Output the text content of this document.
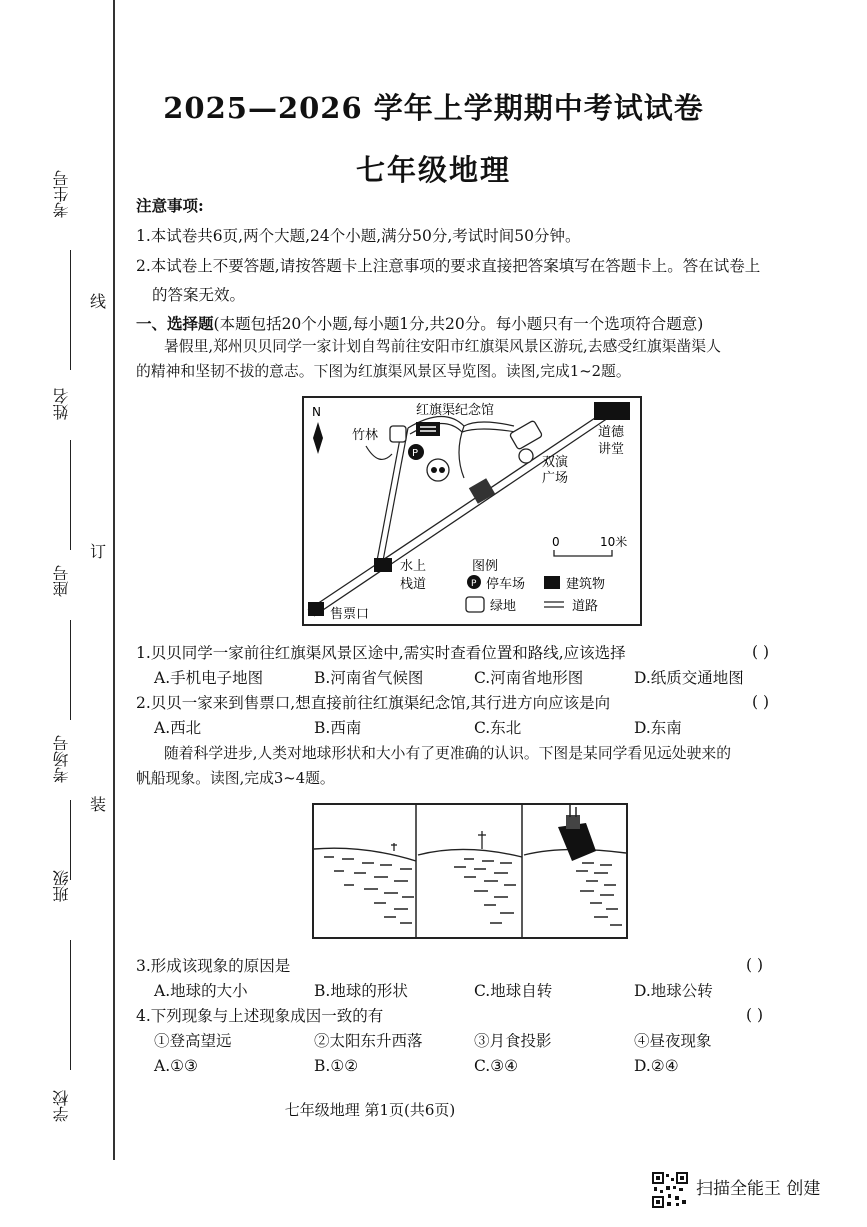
考生号
线
姓名
座号
订
考场号
装
班级
学校
2025—2026 学年上学期期中考试试卷
七年级地理
注意事项:
1.本试卷共6页,两个大题,24个小题,满分50分,考试时间50分钟。
2.本试卷上不要答题,请按答题卡上注意事项的要求直接把答案填写在答题卡上。答在试卷上
的答案无效。
一、选择题(本题包括20个小题,每小题1分,共20分。每小题只有一个选项符合题意)
暑假里,郑州贝贝同学一家计划自驾前往安阳市红旗渠风景区游玩,去感受红旗渠凿渠人
的精神和坚韧不拔的意志。下图为红旗渠风景区导览图。读图,完成1~2题。
N
P
红旗渠纪念馆
竹林	道德
讲堂
双演
广场
0	10米
水上
栈道
售票口
图例
P 停车场	建筑物
绿地	道路
1.贝贝同学一家前往红旗渠风景区途中,需实时查看位置和路线,应该选择	( )
A.手机电子地图	B.河南省气候图	C.河南省地形图	D.纸质交通地图
2.贝贝一家来到售票口,想直接前往红旗渠纪念馆,其行进方向应该是向	( )
A.西北	B.西南	C.东北	D.东南
随着科学进步,人类对地球形状和大小有了更准确的认识。下图是某同学看见远处驶来的
帆船现象。读图,完成3~4题。
3.形成该现象的原因是	( )
A.地球的大小	B.地球的形状	C.地球自转	D.地球公转
4.下列现象与上述现象成因一致的有	( )
①登高望远	②太阳东升西落	③月食投影	④昼夜现象
A.①③	B.①②	C.③④	D.②④
七年级地理 第1页(共6页)
扫描全能王 创建
